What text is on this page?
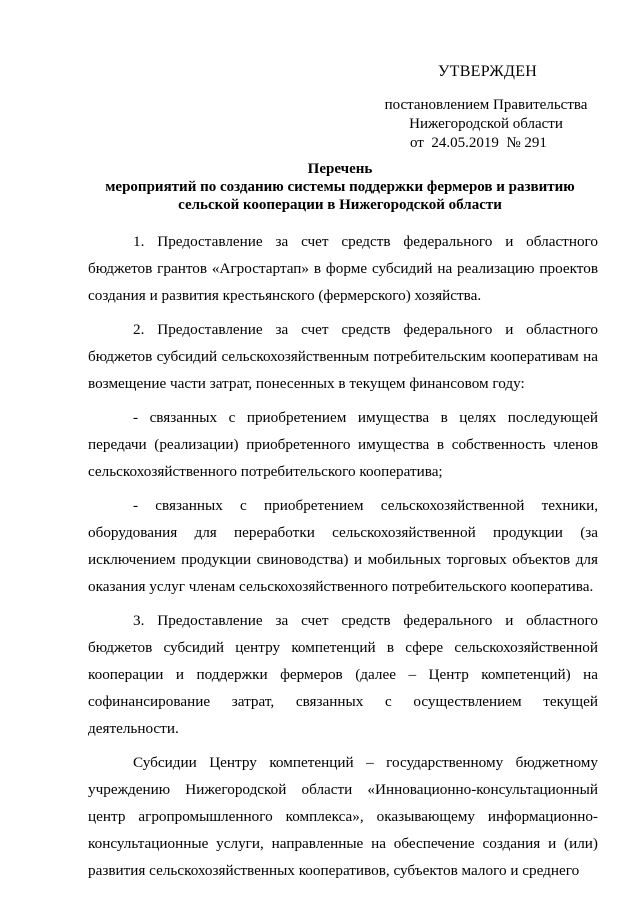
УТВЕРЖДЕН
постановлением Правительства
Нижегородской области
от  24.05.2019  № 291
Перечень
мероприятий по созданию системы поддержки фермеров и развитию
сельской кооперации в Нижегородской области

1. Предоставление за счет средств федерального и областного бюджетов грантов «Агростартап» в форме субсидий на реализацию проектов создания и развития крестьянского (фермерского) хозяйства.

2. Предоставление за счет средств федерального и областного бюджетов субсидий сельскохозяйственным потребительским кооперативам на возмещение части затрат, понесенных в текущем финансовом году:

- связанных с приобретением имущества в целях последующей передачи (реализации) приобретенного имущества в собственность членов сельскохозяйственного потребительского кооператива;

- связанных с приобретением сельскохозяйственной техники, оборудования для переработки сельскохозяйственной продукции (за исключением продукции свиноводства) и мобильных торговых объектов для оказания услуг членам сельскохозяйственного потребительского кооператива.

3. Предоставление за счет средств федерального и областного бюджетов субсидий центру компетенций в сфере сельскохозяйственной кооперации и поддержки фермеров (далее – Центр компетенций) на софинансирование затрат, связанных с осуществлением текущей деятельности.

Субсидии Центру компетенций – государственному бюджетному учреждению Нижегородской области «Инновационно-консультационный центр агропромышленного комплекса», оказывающему информационно-консультационные услуги, направленные на обеспечение создания и (или) развития сельскохозяйственных кооперативов, субъектов малого и среднего
